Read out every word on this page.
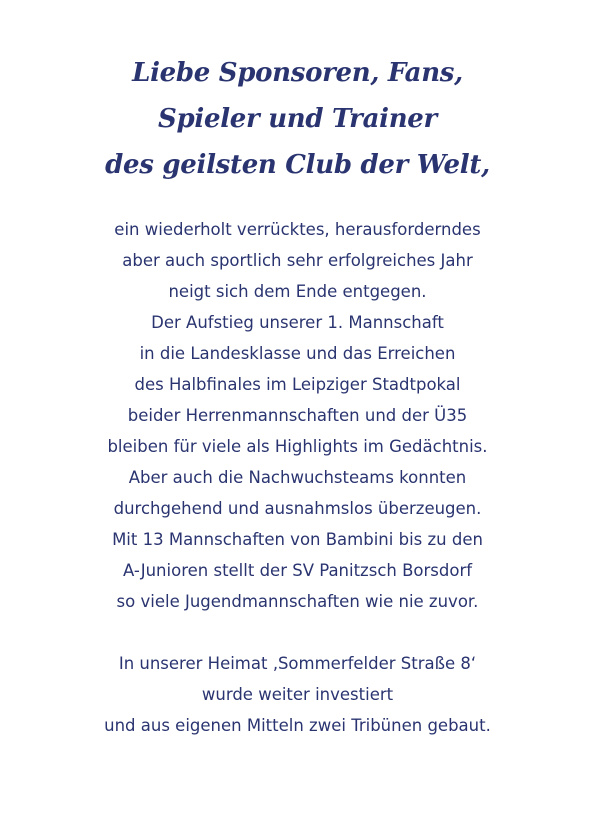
Liebe Sponsoren, Fans,
Spieler und Trainer
des geilsten Club der Welt,
ein wiederholt verrücktes, herausforderndes
aber auch sportlich sehr erfolgreiches Jahr
neigt sich dem Ende entgegen.
Der Aufstieg unserer 1. Mannschaft
in die Landesklasse und das Erreichen
des Halbfinales im Leipziger Stadtpokal
beider Herrenmannschaften und der Ü35
bleiben für viele als Highlights im Gedächtnis.
Aber auch die Nachwuchsteams konnten
durchgehend und ausnahmslos überzeugen.
Mit 13 Mannschaften von Bambini bis zu den
A-Junioren stellt der SV Panitzsch Borsdorf
so viele Jugendmannschaften wie nie zuvor.
In unserer Heimat ‚Sommerfelder Straße 8‘
wurde weiter investiert
und aus eigenen Mitteln zwei Tribünen gebaut.
